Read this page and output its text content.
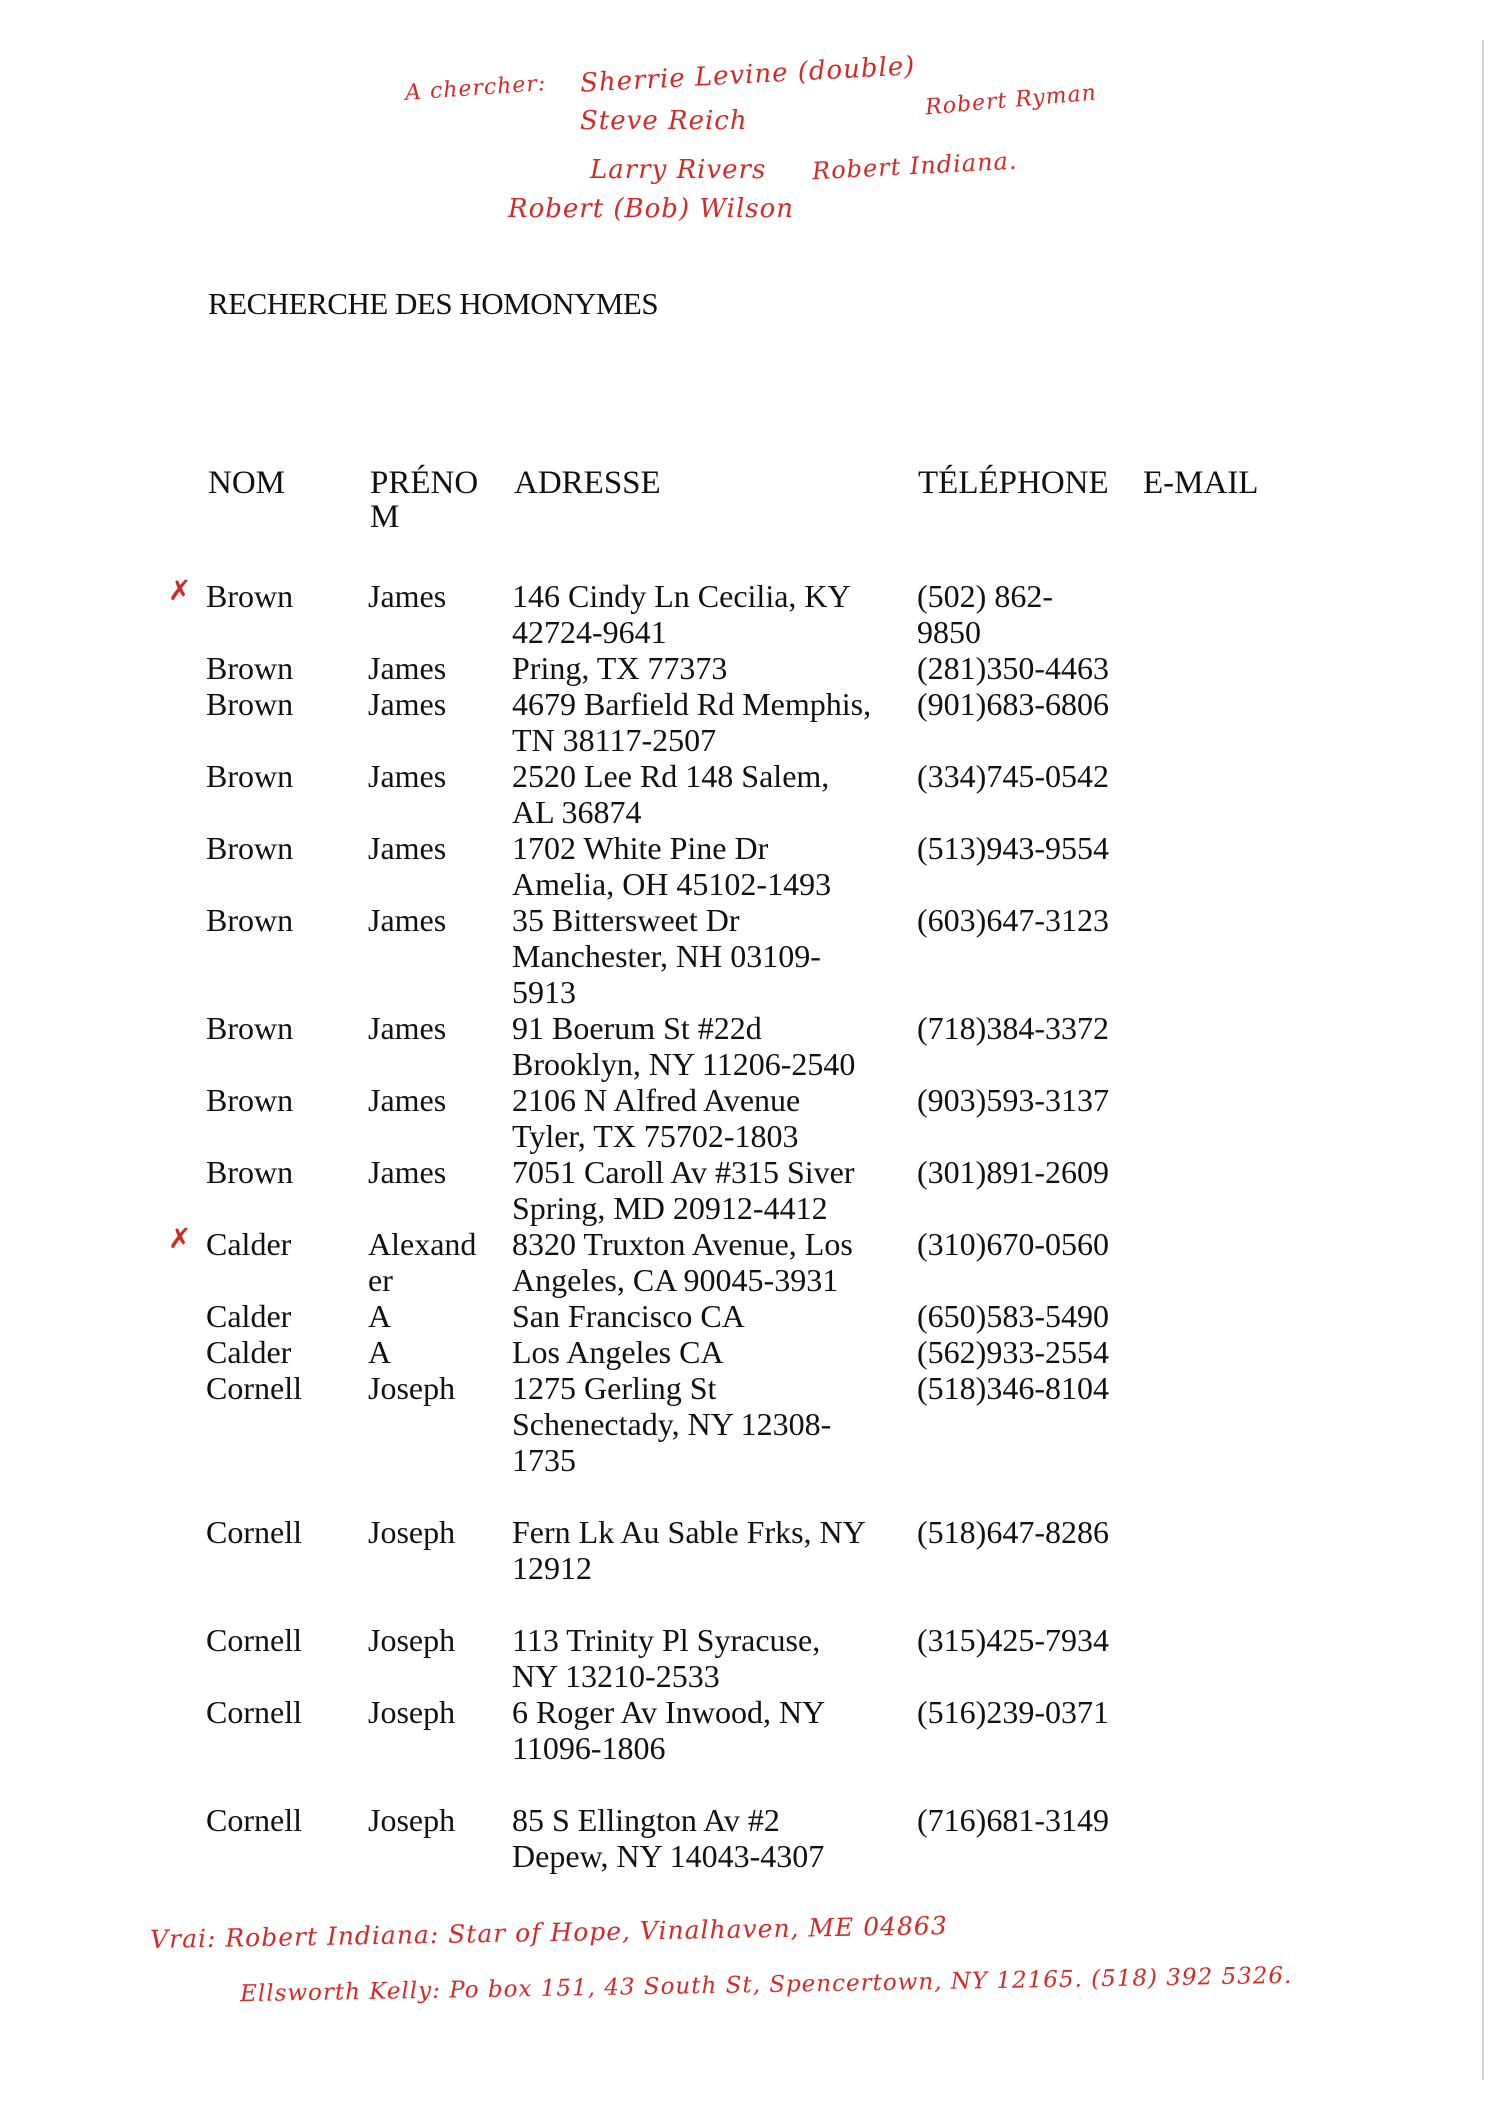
A chercher: Sherrie Levine (double)
Steve Reich
Robert Ryman
Larry Rivers Robert Indiana.
Robert (Bob) Wilson
RECHERCHE DES HOMONYMES
NOM	PRÉNO
M
ADRESSE	TÉLÉPHONE E-MAIL
Brown	James	146 Cindy Ln Cecilia, KY
42724-9641
(502) 862-
9850
✗
Brown	James	Pring, TX 77373	(281)350-4463
Brown	James	4679 Barfield Rd Memphis,
TN 38117-2507
(901)683-6806
Brown	James	2520 Lee Rd 148 Salem,
AL 36874
(334)745-0542
Brown	James	1702 White Pine Dr
Amelia, OH 45102-1493
(513)943-9554
Brown	James	35 Bittersweet Dr
Manchester, NH 03109-
5913
(603)647-3123
Brown	James	91 Boerum St #22d
Brooklyn, NY 11206-2540
(718)384-3372
Brown	James	2106 N Alfred Avenue
Tyler, TX 75702-1803
(903)593-3137
Brown	James	7051 Caroll Av #315 Siver
Spring, MD 20912-4412
(301)891-2609
Calder	Alexand
er
8320 Truxton Avenue, Los
Angeles, CA 90045-3931
(310)670-0560
✗
Calder	A	San Francisco CA	(650)583-5490
Calder	A	Los Angeles CA	(562)933-2554
Cornell	Joseph	1275 Gerling St
Schenectady, NY 12308-
1735
(518)346-8104
Cornell	Joseph	Fern Lk Au Sable Frks, NY
12912
(518)647-8286
Cornell	Joseph	113 Trinity Pl Syracuse,
NY 13210-2533
(315)425-7934
Cornell	Joseph	6 Roger Av Inwood, NY
11096-1806
(516)239-0371
Cornell	Joseph	85 S Ellington Av #2
Depew, NY 14043-4307
(716)681-3149
Vrai: Robert Indiana: Star of Hope, Vinalhaven, ME 04863
Ellsworth Kelly: Po box 151, 43 South St, Spencertown, NY 12165. (518) 392 5326.
